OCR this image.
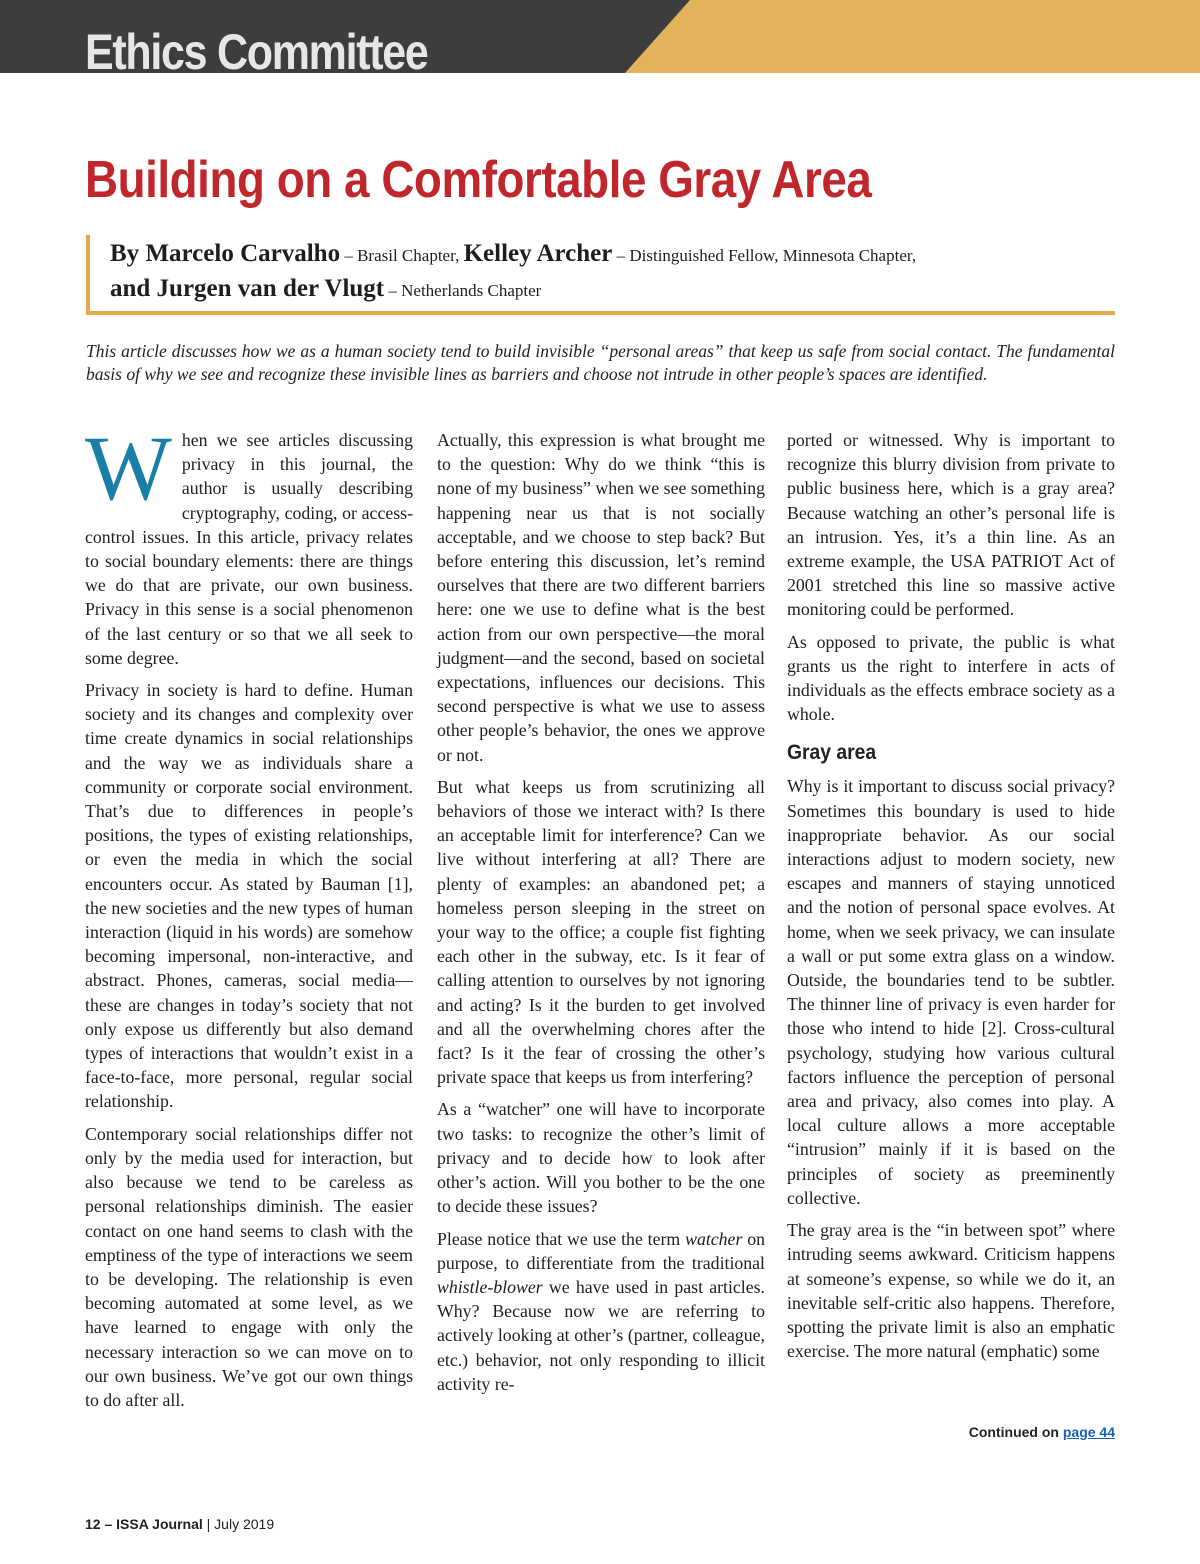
Ethics Committee
Building on a Comfortable Gray Area
By Marcelo Carvalho – Brasil Chapter, Kelley Archer – Distinguished Fellow, Minnesota Chapter,
and Jurgen van der Vlugt – Netherlands Chapter

This article discusses how we as a human society tend to build invisible “personal areas” that keep us safe from social contact. The fundamental basis of why we see and recognize these invisible lines as barriers and choose not intrude in other people’s spaces are identified.

When we see articles discussing privacy in this journal, the author is usually describing cryptography, coding, or access-control issues. In this article, privacy relates to social boundary elements: there are things we do that are private, our own business. Privacy in this sense is a social phenomenon of the last century or so that we all seek to some degree.

Privacy in society is hard to define. Human society and its changes and complexity over time create dynamics in social relationships and the way we as individuals share a community or corporate social environment. That’s due to differences in people’s positions, the types of existing relationships, or even the media in which the social encounters occur. As stated by Bauman [1], the new societies and the new types of human interaction (liquid in his words) are somehow becoming impersonal, non-interactive, and abstract. Phones, cameras, social media—these are changes in today’s society that not only expose us differently but also demand types of interactions that wouldn’t exist in a face-to-face, more personal, regular social relationship.

Contemporary social relationships differ not only by the media used for interaction, but also because we tend to be careless as personal relationships diminish. The easier contact on one hand seems to clash with the emptiness of the type of interactions we seem to be developing. The relationship is even becoming automated at some level, as we have learned to engage with only the necessary interaction so we can move on to our own business. We’ve got our own things to do after all.

Actually, this expression is what brought me to the question: Why do we think “this is none of my business” when we see something happening near us that is not socially acceptable, and we choose to step back? But before entering this discussion, let’s remind ourselves that there are two different barriers here: one we use to define what is the best action from our own perspective—the moral judgment—and the second, based on societal expectations, influences our decisions. This second perspective is what we use to assess other people’s behavior, the ones we approve or not.

But what keeps us from scrutinizing all behaviors of those we interact with? Is there an acceptable limit for interference? Can we live without interfering at all? There are plenty of examples: an abandoned pet; a homeless person sleeping in the street on your way to the office; a couple fist fighting each other in the subway, etc. Is it fear of calling attention to ourselves by not ignoring and acting? Is it the burden to get involved and all the overwhelming chores after the fact? Is it the fear of crossing the other’s private space that keeps us from interfering?

As a “watcher” one will have to incorporate two tasks: to recognize the other’s limit of privacy and to decide how to look after other’s action. Will you bother to be the one to decide these issues?

Please notice that we use the term watcher on purpose, to differentiate from the traditional whistle-blower we have used in past articles. Why? Because now we are referring to actively looking at other’s (partner, colleague, etc.) behavior, not only responding to illicit activity re-

ported or witnessed. Why is important to recognize this blurry division from private to public business here, which is a gray area? Because watching an other’s personal life is an intrusion. Yes, it’s a thin line. As an extreme example, the USA PATRIOT Act of 2001 stretched this line so massive active monitoring could be performed.

As opposed to private, the public is what grants us the right to interfere in acts of individuals as the effects embrace society as a whole.

Gray area

Why is it important to discuss social privacy? Sometimes this boundary is used to hide inappropriate behavior. As our social interactions adjust to modern society, new escapes and manners of staying unnoticed and the notion of personal space evolves. At home, when we seek privacy, we can insulate a wall or put some extra glass on a window. Outside, the boundaries tend to be subtler. The thinner line of privacy is even harder for those who intend to hide [2]. Cross-cultural psychology, studying how various cultural factors influence the perception of personal area and privacy, also comes into play. A local culture allows a more acceptable “intrusion” mainly if it is based on the principles of society as preeminently collective.

The gray area is the “in between spot” where intruding seems awkward. Criticism happens at someone’s expense, so while we do it, an inevitable self-critic also happens. Therefore, spotting the private limit is also an emphatic exercise. The more natural (emphatic) some

Continued on page 44
12 – ISSA Journal | July 2019
